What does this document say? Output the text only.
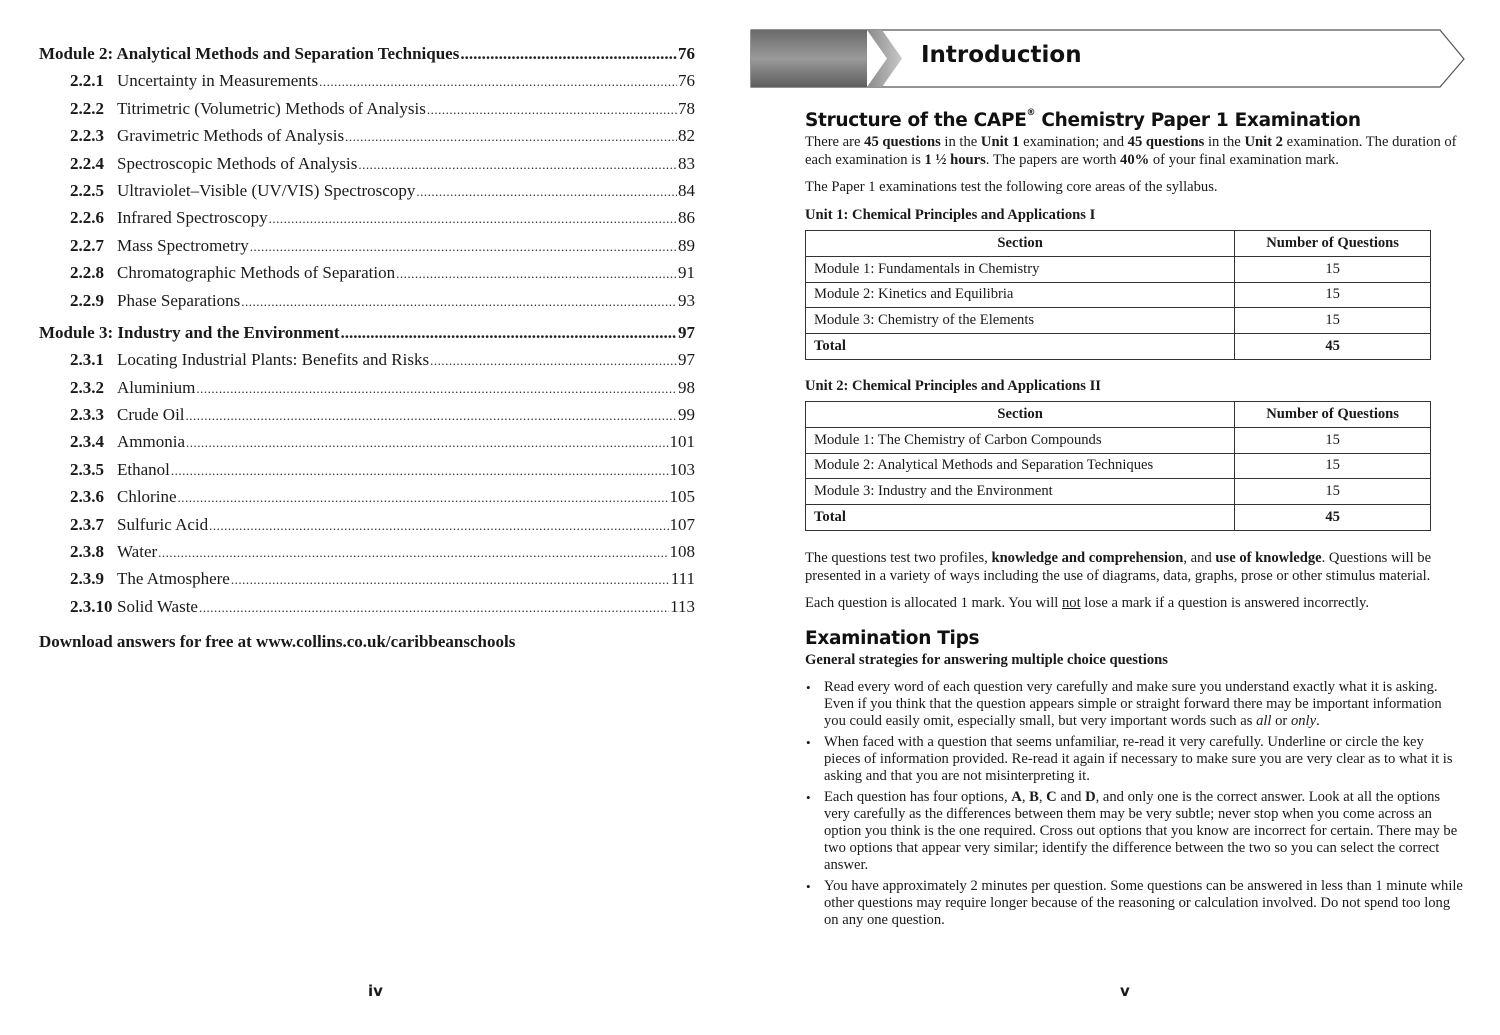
Module 2: Analytical Methods and Separation Techniques .....	76
2.2.1 Uncertainty in Measurements .....	76
2.2.2 Titrimetric (Volumetric) Methods of Analysis .....	78
2.2.3 Gravimetric Methods of Analysis .....	82
2.2.4 Spectroscopic Methods of Analysis .....	83
2.2.5 Ultraviolet–Visible (UV/VIS) Spectroscopy .....	84
2.2.6 Infrared Spectroscopy .....	86
2.2.7 Mass Spectrometry .....	89
2.2.8 Chromatographic Methods of Separation .....	91
2.2.9 Phase Separations .....	93
Module 3: Industry and the Environment .....	97
2.3.1 Locating Industrial Plants: Benefits and Risks .....	97
2.3.2 Aluminium .....	98
2.3.3 Crude Oil .....	99
2.3.4 Ammonia .....	101
2.3.5 Ethanol .....	103
2.3.6 Chlorine .....	105
2.3.7 Sulfuric Acid .....	107
2.3.8 Water .....	108
2.3.9 The Atmosphere .....	111
2.3.10 Solid Waste .....	113
Download answers for free at www.collins.co.uk/caribbeanschools
iv
Introduction
Structure of the CAPE® Chemistry Paper 1 Examination
There are 45 questions in the Unit 1 examination; and 45 questions in the Unit 2 examination. The duration of each examination is 1 ½ hours. The papers are worth 40% of your final examination mark.
The Paper 1 examinations test the following core areas of the syllabus.
Unit 1: Chemical Principles and Applications I
Section	Number of Questions
Module 1: Fundamentals in Chemistry	15
Module 2: Kinetics and Equilibria	15
Module 3: Chemistry of the Elements	15
Total	45
Unit 2: Chemical Principles and Applications II
Section	Number of Questions
Module 1: The Chemistry of Carbon Compounds	15
Module 2: Analytical Methods and Separation Techniques	15
Module 3: Industry and the Environment	15
Total	45
The questions test two profiles, knowledge and comprehension, and use of knowledge. Questions will be presented in a variety of ways including the use of diagrams, data, graphs, prose or other stimulus material.
Each question is allocated 1 mark. You will not lose a mark if a question is answered incorrectly.
Examination Tips
General strategies for answering multiple choice questions
• Read every word of each question very carefully and make sure you understand exactly what it is asking. Even if you think that the question appears simple or straight forward there may be important information you could easily omit, especially small, but very important words such as all or only.
• When faced with a question that seems unfamiliar, re-read it very carefully. Underline or circle the key pieces of information provided. Re-read it again if necessary to make sure you are very clear as to what it is asking and that you are not misinterpreting it.
• Each question has four options, A, B, C and D, and only one is the correct answer. Look at all the options very carefully as the differences between them may be very subtle; never stop when you come across an option you think is the one required. Cross out options that you know are incorrect for certain. There may be two options that appear very similar; identify the difference between the two so you can select the correct answer.
• You have approximately 2 minutes per question. Some questions can be answered in less than 1 minute while other questions may require longer because of the reasoning or calculation involved. Do not spend too long on any one question.
v
